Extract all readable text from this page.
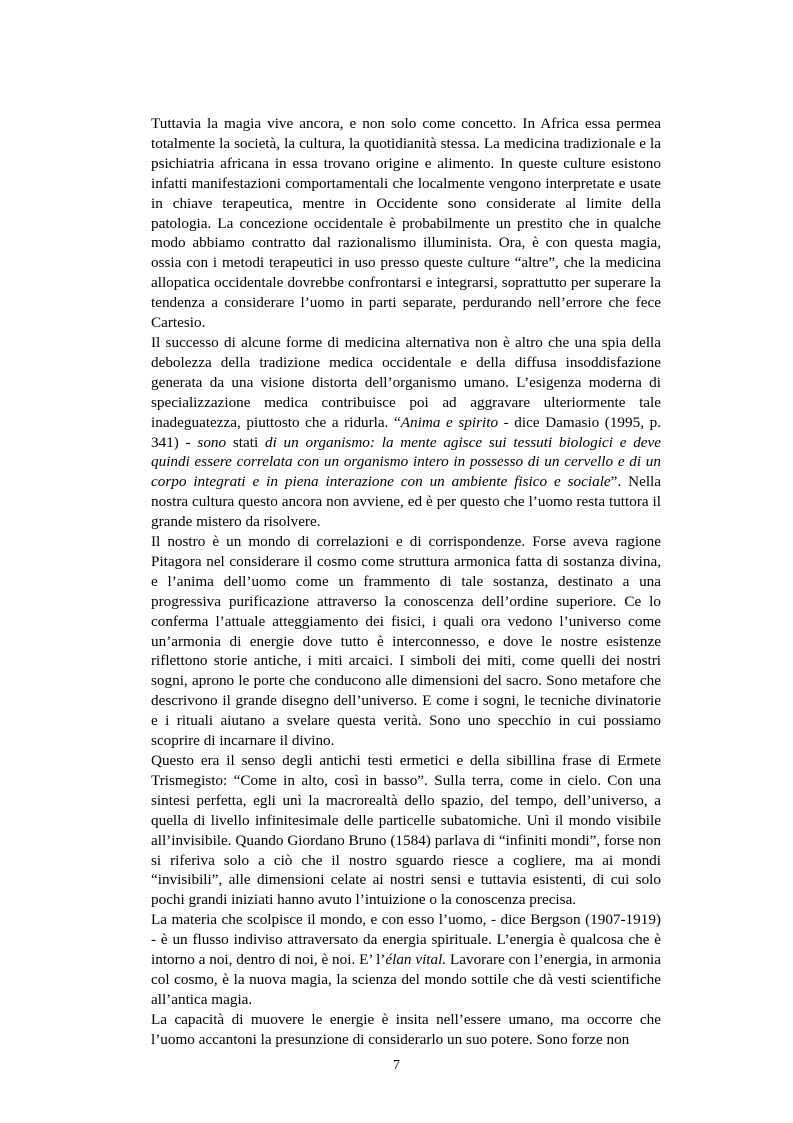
Tuttavia la magia vive ancora, e non solo come concetto. In Africa essa permea totalmente la società, la cultura, la quotidianità stessa. La medicina tradizionale e la psichiatria africana in essa trovano origine e alimento. In queste culture esistono infatti manifestazioni comportamentali che localmente vengono interpretate e usate in chiave terapeutica, mentre in Occidente sono considerate al limite della patologia. La concezione occidentale è probabilmente un prestito che in qualche modo abbiamo contratto dal razionalismo illuminista. Ora, è con questa magia, ossia con i metodi terapeutici in uso presso queste culture “altre”, che la medicina allopatica occidentale dovrebbe confrontarsi e integrarsi, soprattutto per superare la tendenza a considerare l’uomo in parti separate, perdurando nell’errore che fece Cartesio.

Il successo di alcune forme di medicina alternativa non è altro che una spia della debolezza della tradizione medica occidentale e della diffusa insoddisfazione generata da una visione distorta dell’organismo umano. L’esigenza moderna di specializzazione medica contribuisce poi ad aggravare ulteriormente tale inadeguatezza, piuttosto che a ridurla. “Anima e spirito - dice Damasio (1995, p. 341) - sono stati di un organismo: la mente agisce sui tessuti biologici e deve quindi essere correlata con un organismo intero in possesso di un cervello e di un corpo integrati e in piena interazione con un ambiente fisico e sociale”. Nella nostra cultura questo ancora non avviene, ed è per questo che l’uomo resta tuttora il grande mistero da risolvere.

Il nostro è un mondo di correlazioni e di corrispondenze. Forse aveva ragione Pitagora nel considerare il cosmo come struttura armonica fatta di sostanza divina, e l’anima dell’uomo come un frammento di tale sostanza, destinato a una progressiva purificazione attraverso la conoscenza dell’ordine superiore. Ce lo conferma l’attuale atteggiamento dei fisici, i quali ora vedono l’universo come un’armonia di energie dove tutto è interconnesso, e dove le nostre esistenze riflettono storie antiche, i miti arcaici. I simboli dei miti, come quelli dei nostri sogni, aprono le porte che conducono alle dimensioni del sacro. Sono metafore che descrivono il grande disegno dell’universo. E come i sogni, le tecniche divinatorie e i rituali aiutano a svelare questa verità. Sono uno specchio in cui possiamo scoprire di incarnare il divino.

Questo era il senso degli antichi testi ermetici e della sibillina frase di Ermete Trismegisto: “Come in alto, così in basso”. Sulla terra, come in cielo. Con una sintesi perfetta, egli unì la macrorealtà dello spazio, del tempo, dell’universo, a quella di livello infinitesimale delle particelle subatomiche. Unì il mondo visibile all’invisibile. Quando Giordano Bruno (1584) parlava di “infiniti mondi”, forse non si riferiva solo a ciò che il nostro sguardo riesce a cogliere, ma ai mondi “invisibili”, alle dimensioni celate ai nostri sensi e tuttavia esistenti, di cui solo pochi grandi iniziati hanno avuto l’intuizione o la conoscenza precisa.

La materia che scolpisce il mondo, e con esso l’uomo, - dice Bergson (1907-1919) - è un flusso indiviso attraversato da energia spirituale. L’energia è qualcosa che è intorno a noi, dentro di noi, è noi. E’ l’élan vital. Lavorare con l’energia, in armonia col cosmo, è la nuova magia, la scienza del mondo sottile che dà vesti scientifiche all’antica magia.

La capacità di muovere le energie è insita nell’essere umano, ma occorre che l’uomo accantoni la presunzione di considerarlo un suo potere. Sono forze non

7
